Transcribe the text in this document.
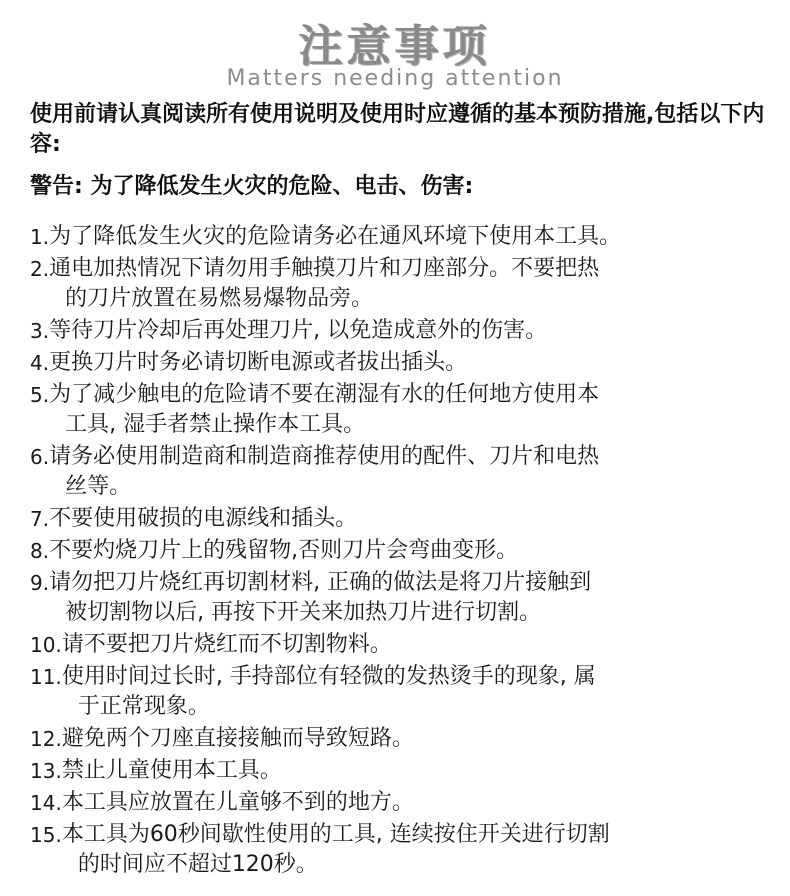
注意事项
Matters needing attention
使用前请认真阅读所有使用说明及使用时应遵循的基本预防措施,包括以下内容:
警告: 为了降低发生火灾的危险、电击、伤害:
1. 为了降低发生火灾的危险请务必在通风环境下使用本工具。
2. 通电加热情况下请勿用手触摸刀片和刀座部分。不要把热
的刀片放置在易燃易爆物品旁。
3. 等待刀片冷却后再处理刀片, 以免造成意外的伤害。
4. 更换刀片时务必请切断电源或者拔出插头。
5. 为了减少触电的危险请不要在潮湿有水的任何地方使用本
工具, 湿手者禁止操作本工具。
6. 请务必使用制造商和制造商推荐使用的配件、刀片和电热
丝等。
7. 不要使用破损的电源线和插头。
8. 不要灼烧刀片上的残留物,否则刀片会弯曲变形。
9. 请勿把刀片烧红再切割材料, 正确的做法是将刀片接触到
被切割物以后, 再按下开关来加热刀片进行切割。
10. 请不要把刀片烧红而不切割物料。
11. 使用时间过长时, 手持部位有轻微的发热烫手的现象, 属
于正常现象。
12. 避免两个刀座直接接触而导致短路。
13. 禁止儿童使用本工具。
14. 本工具应放置在儿童够不到的地方。
15. 本工具为60秒间歇性使用的工具, 连续按住开关进行切割
的时间应不超过120秒。
